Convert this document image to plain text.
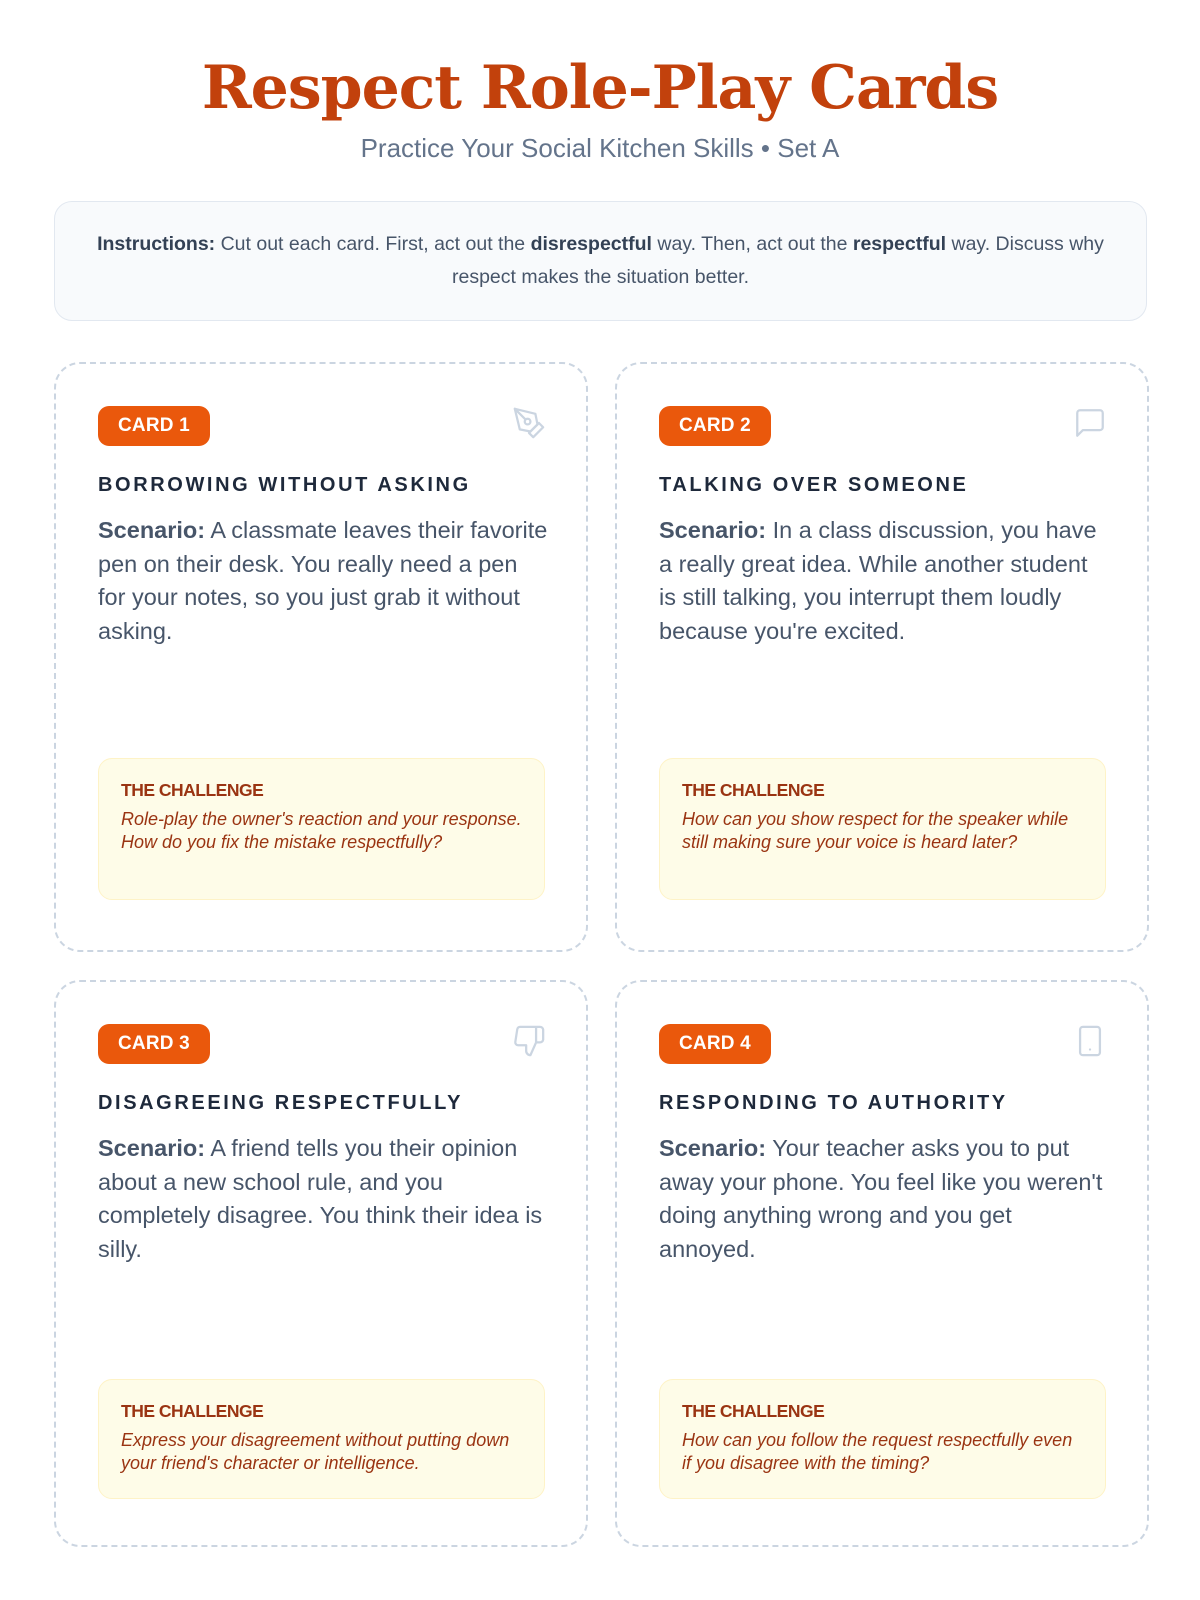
Respect Role-Play Cards
Practice Your Social Kitchen Skills • Set A

Instructions: Cut out each card. First, act out the disrespectful way. Then, act out the respectful way. Discuss why respect makes the situation better.

CARD 1
BORROWING WITHOUT ASKING
Scenario: A classmate leaves their favorite pen on their desk. You really need a pen for your notes, so you just grab it without asking.
THE CHALLENGE
Role-play the owner's reaction and your response. How do you fix the mistake respectfully?
CARD 2
TALKING OVER SOMEONE
Scenario: In a class discussion, you have a really great idea. While another student is still talking, you interrupt them loudly because you're excited.
THE CHALLENGE
How can you show respect for the speaker while still making sure your voice is heard later?
CARD 3
DISAGREEING RESPECTFULLY
Scenario: A friend tells you their opinion about a new school rule, and you completely disagree. You think their idea is silly.
THE CHALLENGE
Express your disagreement without putting down your friend's character or intelligence.
CARD 4
RESPONDING TO AUTHORITY
Scenario: Your teacher asks you to put away your phone. You feel like you weren't doing anything wrong and you get annoyed.
THE CHALLENGE
How can you follow the request respectfully even if you disagree with the timing?
